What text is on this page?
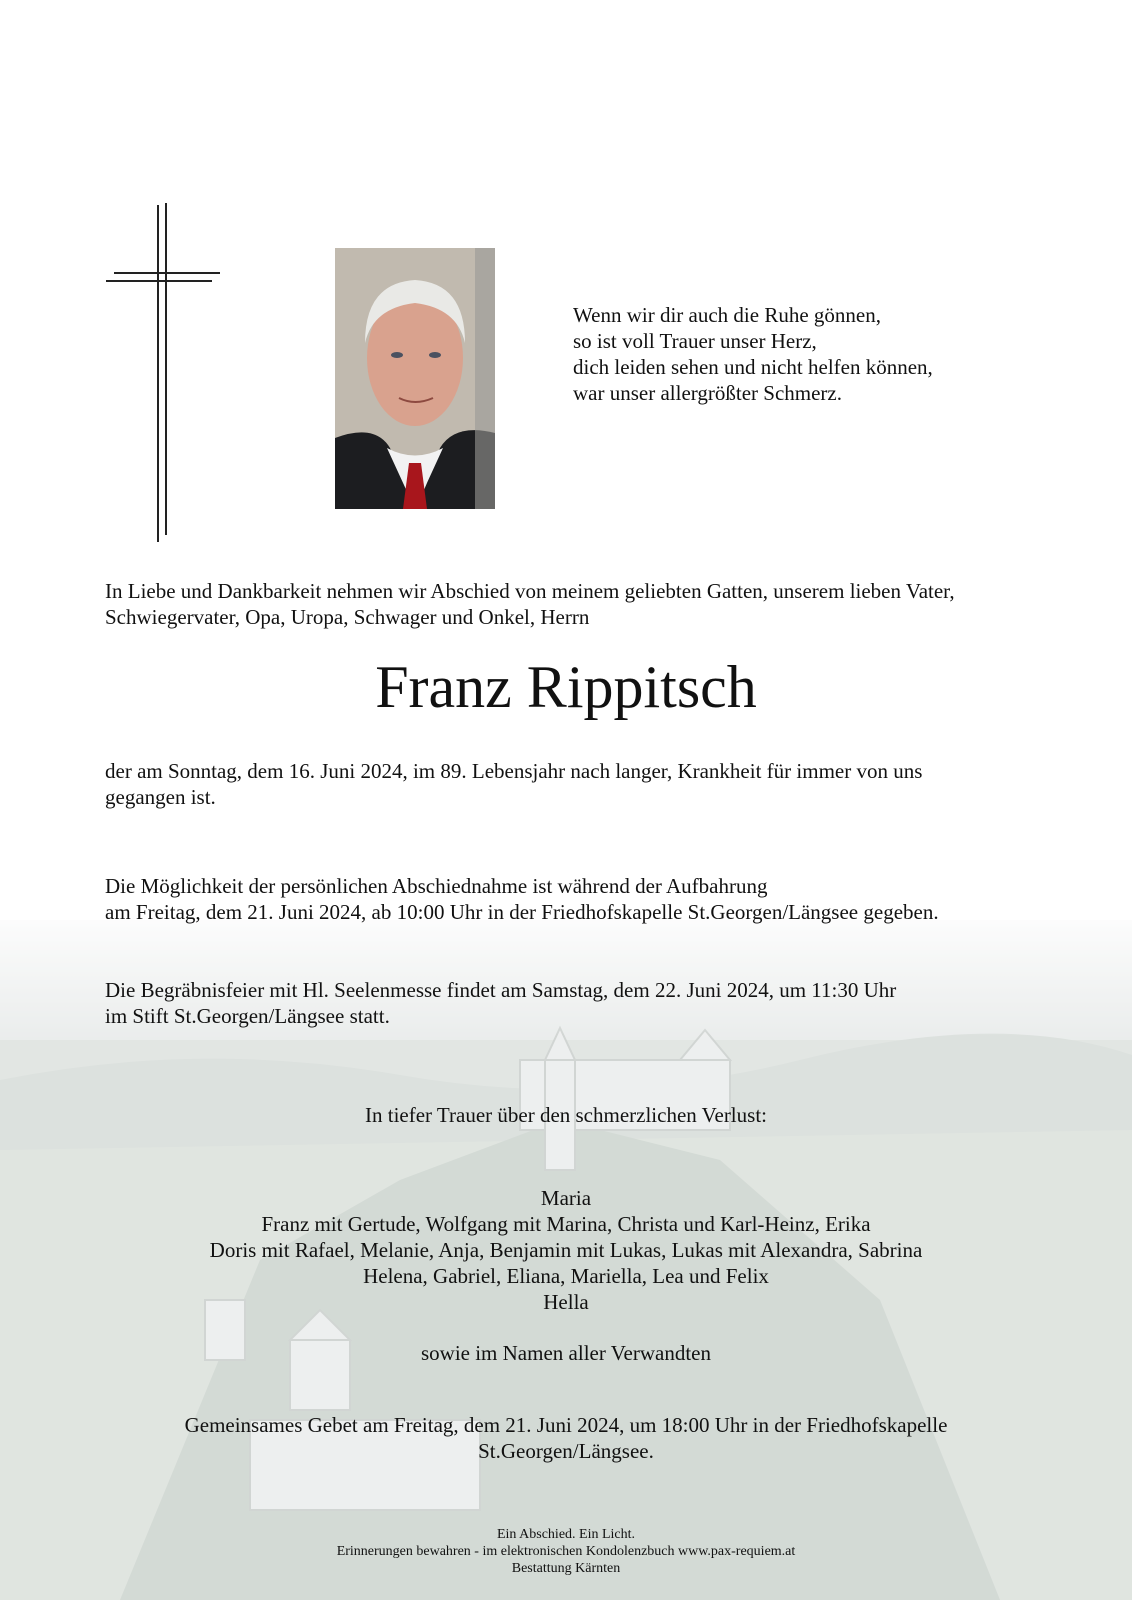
Wenn wir dir auch die Ruhe gönnen,
so ist voll Trauer unser Herz,
dich leiden sehen und nicht helfen können,
war unser allergrößter Schmerz.
In Liebe und Dankbarkeit nehmen wir Abschied von meinem geliebten Gatten, unserem lieben Vater,
Schwiegervater, Opa, Uropa, Schwager und Onkel, Herrn
Franz Rippitsch
der am Sonntag, dem 16. Juni 2024, im 89. Lebensjahr nach langer, Krankheit für immer von uns
gegangen ist.
Die Möglichkeit der persönlichen Abschiednahme ist während der Aufbahrung
am Freitag, dem 21. Juni 2024, ab 10:00 Uhr in der Friedhofskapelle St.Georgen/Längsee gegeben.
Die Begräbnisfeier mit Hl. Seelenmesse findet am Samstag, dem 22. Juni 2024, um 11:30 Uhr
im Stift St.Georgen/Längsee statt.
In tiefer Trauer über den schmerzlichen Verlust:
Maria
Franz mit Gertude, Wolfgang mit Marina, Christa und Karl-Heinz, Erika
Doris mit Rafael, Melanie, Anja, Benjamin mit Lukas, Lukas mit Alexandra, Sabrina
Helena, Gabriel, Eliana, Mariella, Lea und Felix
Hella
sowie im Namen aller Verwandten
Gemeinsames Gebet am Freitag, dem 21. Juni 2024, um 18:00 Uhr in der Friedhofskapelle
St.Georgen/Längsee.
Ein Abschied. Ein Licht.
Erinnerungen bewahren - im elektronischen Kondolenzbuch www.pax-requiem.at
Bestattung Kärnten
